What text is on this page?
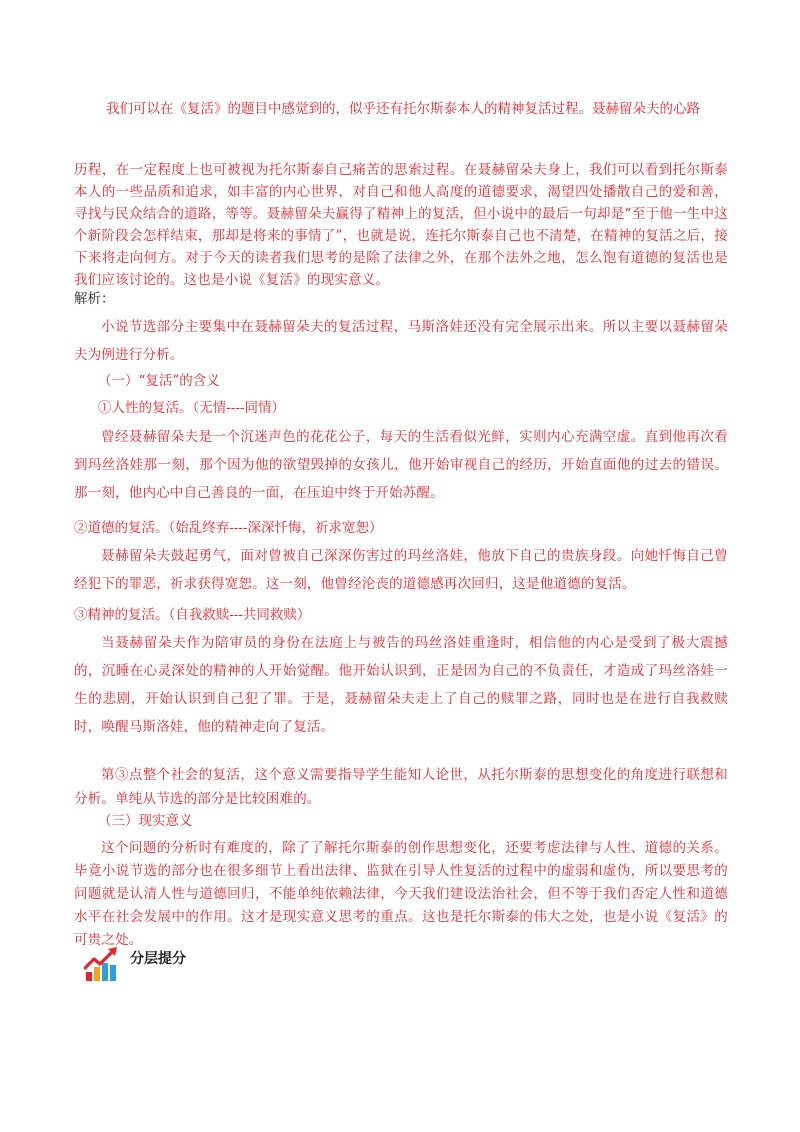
我们可以在《复活》的题目中感觉到的，似乎还有托尔斯泰本人的精神复活过程。聂赫留朵夫的心路
历程，在一定程度上也可被视为托尔斯泰自己痛苦的思索过程。在聂赫留朵夫身上，我们可以看到托尔斯泰本人的一些品质和追求，如丰富的内心世界，对自己和他人高度的道德要求，渴望四处播散自己的爱和善，寻找与民众结合的道路，等等。聂赫留朵夫赢得了精神上的复活，但小说中的最后一句却是“至于他一生中这个新阶段会怎样结束，那却是将来的事情了”，也就是说，连托尔斯泰自己也不清楚，在精神的复活之后，接下来将走向何方。对于今天的读者我们思考的是除了法律之外，在那个法外之地，怎么饱有道德的复活也是我们应该讨论的。这也是小说《复活》的现实意义。
解析：
小说节选部分主要集中在聂赫留朵夫的复活过程，马斯洛娃还没有完全展示出来。所以主要以聂赫留朵夫为例进行分析。
（一）“复活”的含义
①人性的复活。（无情----同情）
曾经聂赫留朵夫是一个沉迷声色的花花公子，每天的生活看似光鲜，实则内心充满空虚。直到他再次看到玛丝洛娃那一刻，那个因为他的欲望毁掉的女孩儿，他开始审视自己的经历，开始直面他的过去的错误。那一刻，他内心中自己善良的一面，在压迫中终于开始苏醒。
②道德的复活。（始乱终弃----深深忏悔，祈求宽恕）
聂赫留朵夫鼓起勇气，面对曾被自己深深伤害过的玛丝洛娃，他放下自己的贵族身段。向她忏悔自己曾经犯下的罪恶，祈求获得宽恕。这一刻，他曾经沦丧的道德感再次回归，这是他道德的复活。
③精神的复活。（自我救赎---共同救赎）
当聂赫留朵夫作为陪审员的身份在法庭上与被告的玛丝洛娃重逢时，相信他的内心是受到了极大震撼的，沉睡在心灵深处的精神的人开始觉醒。他开始认识到，正是因为自己的不负责任，才造成了玛丝洛娃一生的悲剧，开始认识到自己犯了罪。于是，聂赫留朵夫走上了自己的赎罪之路，同时也是在进行自我救赎时，唤醒马斯洛娃，他的精神走向了复活。
第③点整个社会的复活，这个意义需要指导学生能知人论世，从托尔斯泰的思想变化的角度进行联想和分析。单纯从节选的部分是比较困难的。
（三）现实意义
这个问题的分析时有难度的，除了了解托尔斯泰的创作思想变化，还要考虑法律与人性、道德的关系。毕竟小说节选的部分也在很多细节上看出法律、监狱在引导人性复活的过程中的虚弱和虚伪，所以要思考的问题就是认清人性与道德回归，不能单纯依赖法律，今天我们建设法治社会，但不等于我们否定人性和道德水平在社会发展中的作用。这才是现实意义思考的重点。这也是托尔斯泰的伟大之处，也是小说《复活》的可贵之处。
分层提分
